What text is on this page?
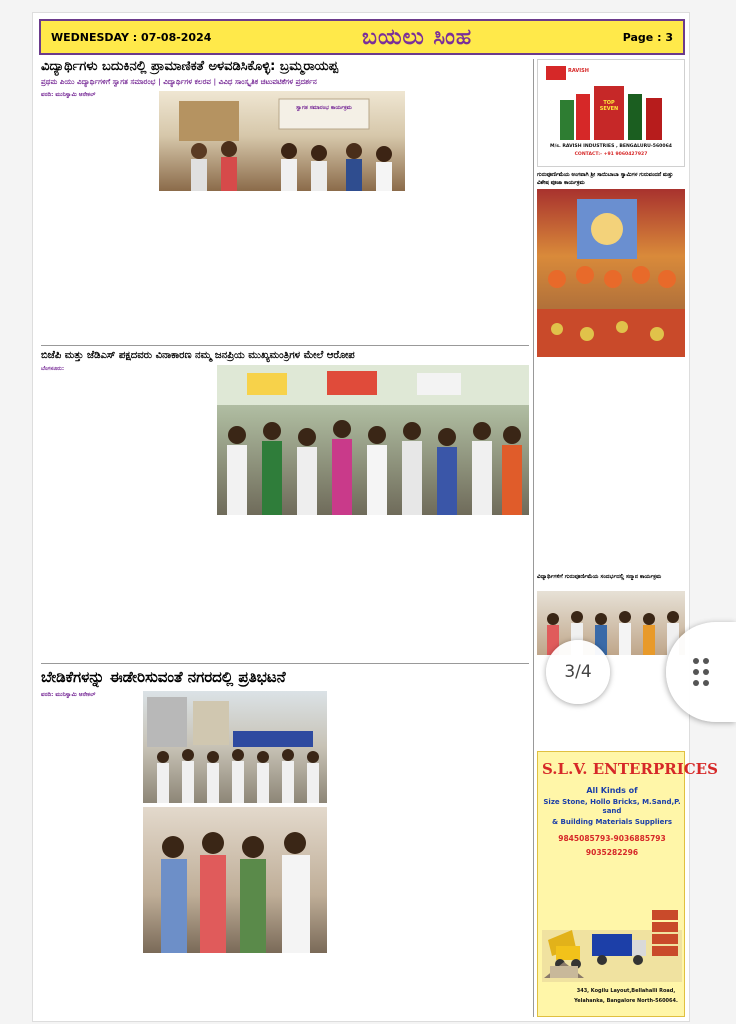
WEDNESDAY : 07-08-2024	ಬಯಲು ಸಿಂಹ	Page : 3
ವಿದ್ಯಾರ್ಥಿಗಳು ಬದುಕಿನಲ್ಲಿ ಪ್ರಾಮಾಣಿಕತೆ ಅಳವಡಿಸಿಕೊಳ್ಳಿ: ಬ್ರಮ್ಮರಾಯಪ್ಪ
ಪ್ರಥಮ ಪಿಯು ವಿದ್ಯಾರ್ಥಿಗಳಿಗೆ ಸ್ವಾಗತ ಸಮಾರಂಭ | ವಿದ್ಯಾರ್ಥಿಗಳ ಕಲರವ | ವಿವಿಧ ಸಾಂಸ್ಕೃತಿಕ ಚಟುವಟಿಕೆಗಳ ಪ್ರದರ್ಶನ
ವರದಿ: ಮುನಿಸ್ವಾಮಿ ಆನೇಕಲ್
ಸ್ವಾಗತ ಸಮಾರಂಭ ಕಾರ್ಯಕ್ರಮ
ಬಿಜೆಪಿ ಮತ್ತು ಜೆಡಿಎಸ್ ಪಕ್ಷದವರು ವಿನಾಕಾರಣ ನಮ್ಮ ಜನಪ್ರಿಯ ಮುಖ್ಯಮಂತ್ರಿಗಳ ಮೇಲೆ ಆರೋಪ
ಬೆಂಗಳೂರು:
ಬೇಡಿಕೆಗಳನ್ನು ಈಡೇರಿಸುವಂತೆ ನಗರದಲ್ಲಿ ಪ್ರತಿಭಟನೆ
ವರದಿ: ಮುನಿಸ್ವಾಮಿ ಆನೇಕಲ್
RAVISH
TOP SEVEN
M/s. RAVISH INDUSTRIES , BENGALURU-560064
CONTACT:- +91 9060427927
ಗುರುಪೂರ್ಣಿಮೆಯ ಅಂಗವಾಗಿ ಶ್ರೀ ಸಾಯಿಬಾಬಾ ಸ್ವಾಮಿಗಳ ಗುರುವಂದನೆ ಮತ್ತು ವಿಶೇಷ ಪೂಜಾ ಕಾರ್ಯಕ್ರಮ
ವಿದ್ಯಾರ್ಥಿಗಳಿಗೆ ಗುರುಪೂರ್ಣಿಮೆಯ ಸಂದರ್ಭದಲ್ಲಿ ಸನ್ಮಾನ ಕಾರ್ಯಕ್ರಮ
S.L.V. ENTERPRICES
All Kinds of
Size Stone, Hollo Bricks, M.Sand,P. sand
& Building Materials Suppliers
9845085793-9036885793
9035282296
343, Kogilu Layout,Bellahalli Road,
Yelahanka, Bangalore North-560064.
3/4
